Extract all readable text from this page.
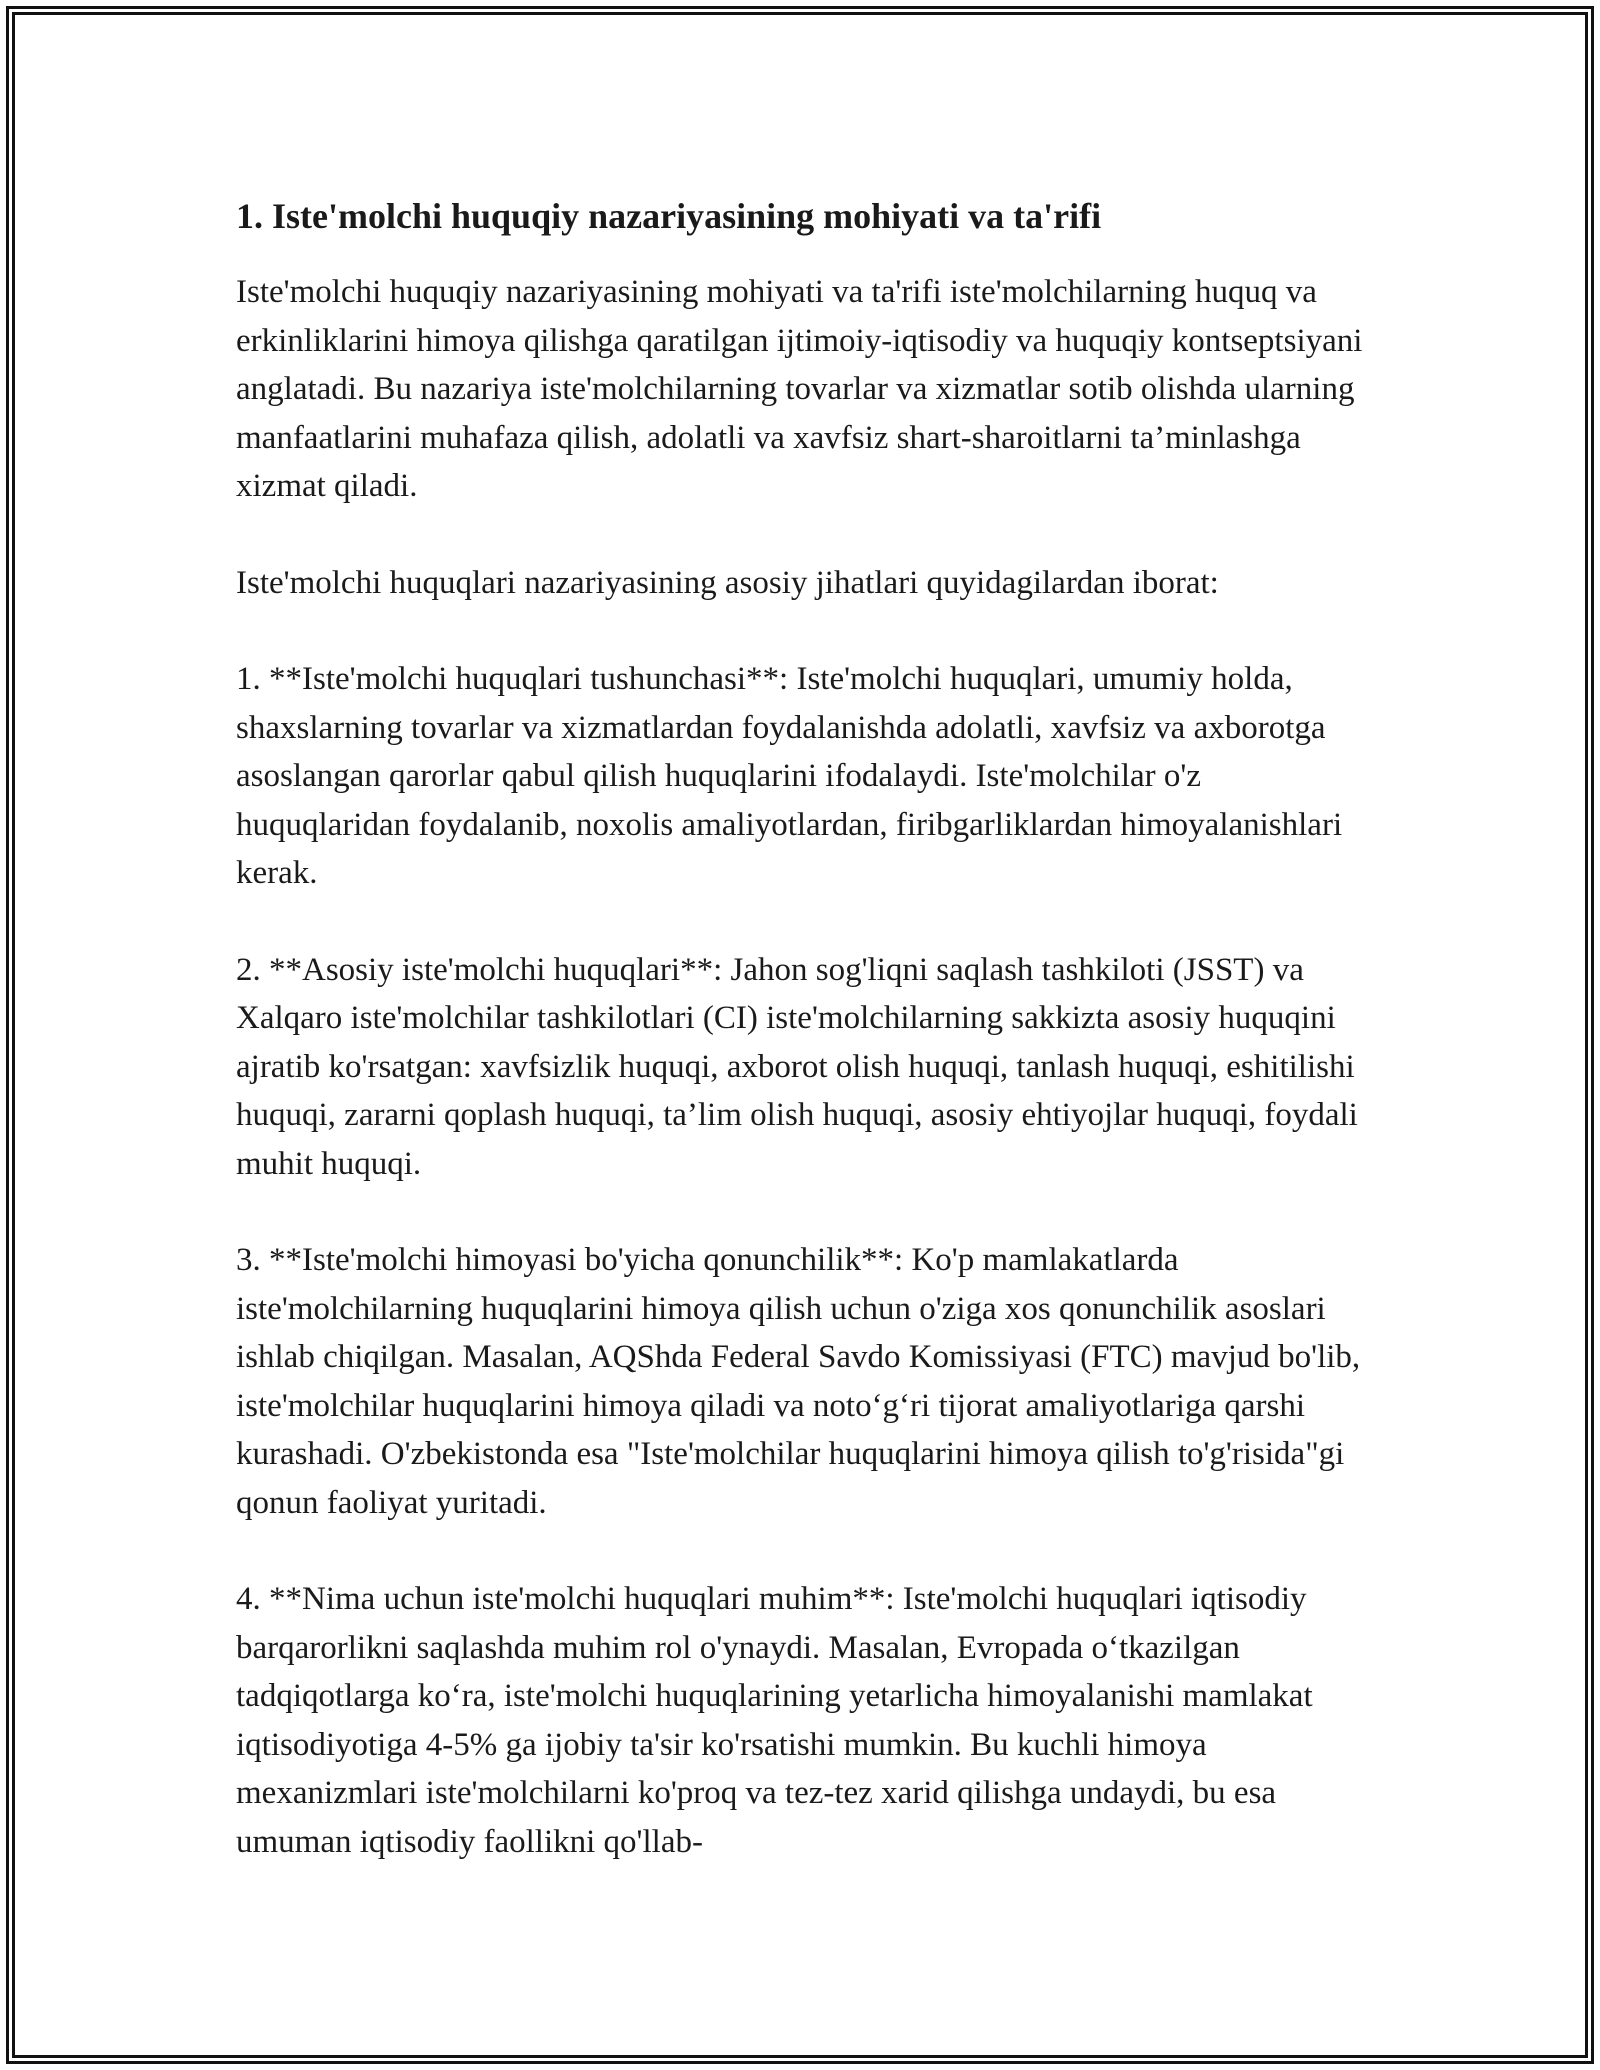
1. Iste'molchi huquqiy nazariyasining mohiyati va ta'rifi

Iste'molchi huquqiy nazariyasining mohiyati va ta'rifi iste'molchilarning huquq va erkinliklarini himoya qilishga qaratilgan ijtimoiy-iqtisodiy va huquqiy kontseptsiyani anglatadi. Bu nazariya iste'molchilarning tovarlar va xizmatlar sotib olishda ularning manfaatlarini muhafaza qilish, adolatli va xavfsiz shart-sharoitlarni ta’minlashga xizmat qiladi.

Iste'molchi huquqlari nazariyasining asosiy jihatlari quyidagilardan iborat:

1. **Iste'molchi huquqlari tushunchasi**: Iste'molchi huquqlari, umumiy holda, shaxslarning tovarlar va xizmatlardan foydalanishda adolatli, xavfsiz va axborotga asoslangan qarorlar qabul qilish huquqlarini ifodalaydi. Iste'molchilar o'z huquqlaridan foydalanib, noxolis amaliyotlardan, firibgarliklardan himoyalanishlari kerak.

2. **Asosiy iste'molchi huquqlari**: Jahon sog'liqni saqlash tashkiloti (JSST) va Xalqaro iste'molchilar tashkilotlari (CI) iste'molchilarning sakkizta asosiy huquqini ajratib ko'rsatgan: xavfsizlik huquqi, axborot olish huquqi, tanlash huquqi, eshitilishi huquqi, zararni qoplash huquqi, ta’lim olish huquqi, asosiy ehtiyojlar huquqi, foydali muhit huquqi.

3. **Iste'molchi himoyasi bo'yicha qonunchilik**: Ko'p mamlakatlarda iste'molchilarning huquqlarini himoya qilish uchun o'ziga xos qonunchilik asoslari ishlab chiqilgan. Masalan, AQShda Federal Savdo Komissiyasi (FTC) mavjud bo'lib, iste'molchilar huquqlarini himoya qiladi va noto‘g‘ri tijorat amaliyotlariga qarshi kurashadi. O'zbekistonda esa "Iste'molchilar huquqlarini himoya qilish to'g'risida"gi qonun faoliyat yuritadi.

4. **Nima uchun iste'molchi huquqlari muhim**: Iste'molchi huquqlari iqtisodiy barqarorlikni saqlashda muhim rol o'ynaydi. Masalan, Evropada o‘tkazilgan tadqiqotlarga ko‘ra, iste'molchi huquqlarining yetarlicha himoyalanishi mamlakat iqtisodiyotiga 4-5% ga ijobiy ta'sir ko'rsatishi mumkin. Bu kuchli himoya mexanizmlari iste'molchilarni ko'proq va tez-tez xarid qilishga undaydi, bu esa umuman iqtisodiy faollikni qo'llab-
